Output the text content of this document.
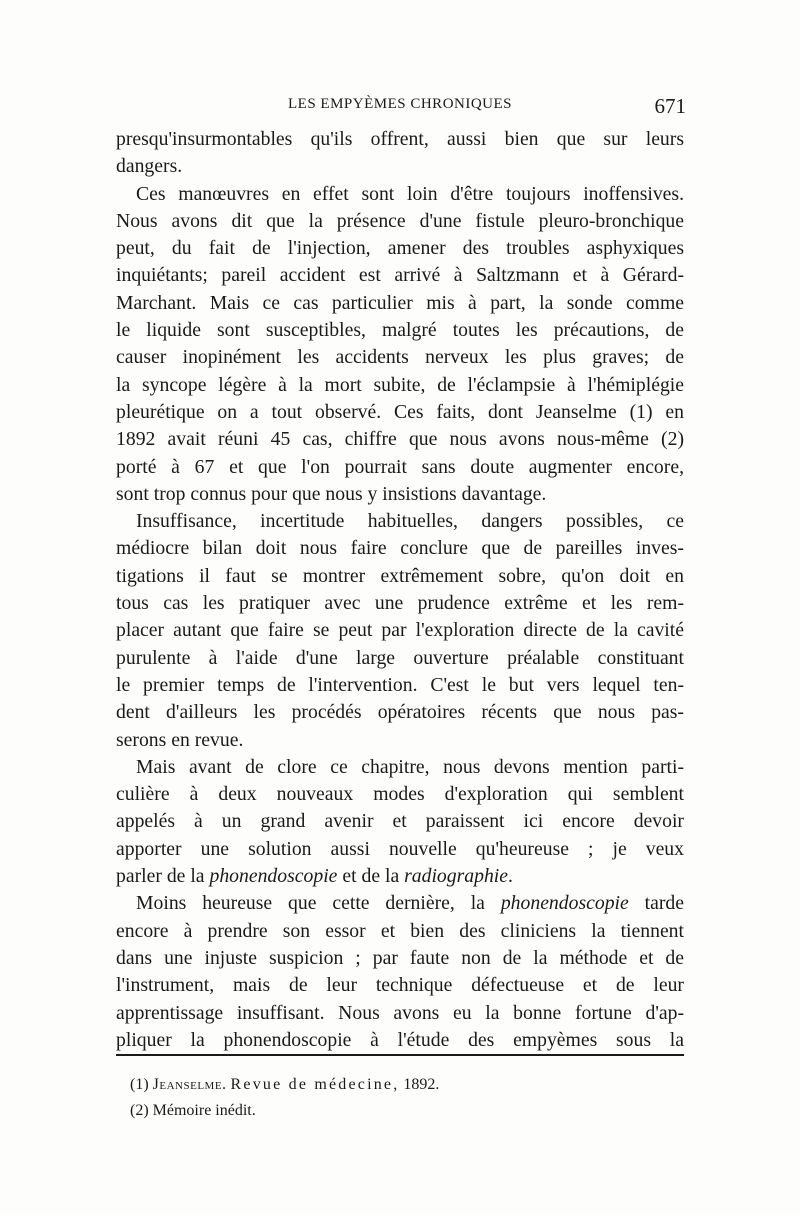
LES EMPYÈMES CHRONIQUES	671

presqu'insurmontables qu'ils offrent, aussi bien que sur leurs
dangers.

Ces manœuvres en effet sont loin d'être toujours inoffensives.
Nous avons dit que la présence d'une fistule pleuro-bronchique
peut, du fait de l'injection, amener des troubles asphyxiques
inquiétants; pareil accident est arrivé à Saltzmann et à Gérard-
Marchant. Mais ce cas particulier mis à part, la sonde comme
le liquide sont susceptibles, malgré toutes les précautions, de
causer inopinément les accidents nerveux les plus graves; de
la syncope légère à la mort subite, de l'éclampsie à l'hémiplégie
pleurétique on a tout observé. Ces faits, dont Jeanselme (1) en
1892 avait réuni 45 cas, chiffre que nous avons nous-même (2)
porté à 67 et que l'on pourrait sans doute augmenter encore,
sont trop connus pour que nous y insistions davantage.

Insuffisance, incertitude habituelles, dangers possibles, ce
médiocre bilan doit nous faire conclure que de pareilles inves-
tigations il faut se montrer extrêmement sobre, qu'on doit en
tous cas les pratiquer avec une prudence extrême et les rem-
placer autant que faire se peut par l'exploration directe de la cavité
purulente à l'aide d'une large ouverture préalable constituant
le premier temps de l'intervention. C'est le but vers lequel ten-
dent d'ailleurs les procédés opératoires récents que nous pas-
serons en revue.

Mais avant de clore ce chapitre, nous devons mention parti-
culière à deux nouveaux modes d'exploration qui semblent
appelés à un grand avenir et paraissent ici encore devoir
apporter une solution aussi nouvelle qu'heureuse ; je veux
parler de la phonendoscopie et de la radiographie.

Moins heureuse que cette dernière, la phonendoscopie tarde
encore à prendre son essor et bien des cliniciens la tiennent
dans une injuste suspicion ; par faute non de la méthode et de
l'instrument, mais de leur technique défectueuse et de leur
apprentissage insuffisant. Nous avons eu la bonne fortune d'ap-
pliquer la phonendoscopie à l'étude des empyèmes sous la

(1) Jeanselme. Revue de médecine, 1892.
(2) Mémoire inédit.
